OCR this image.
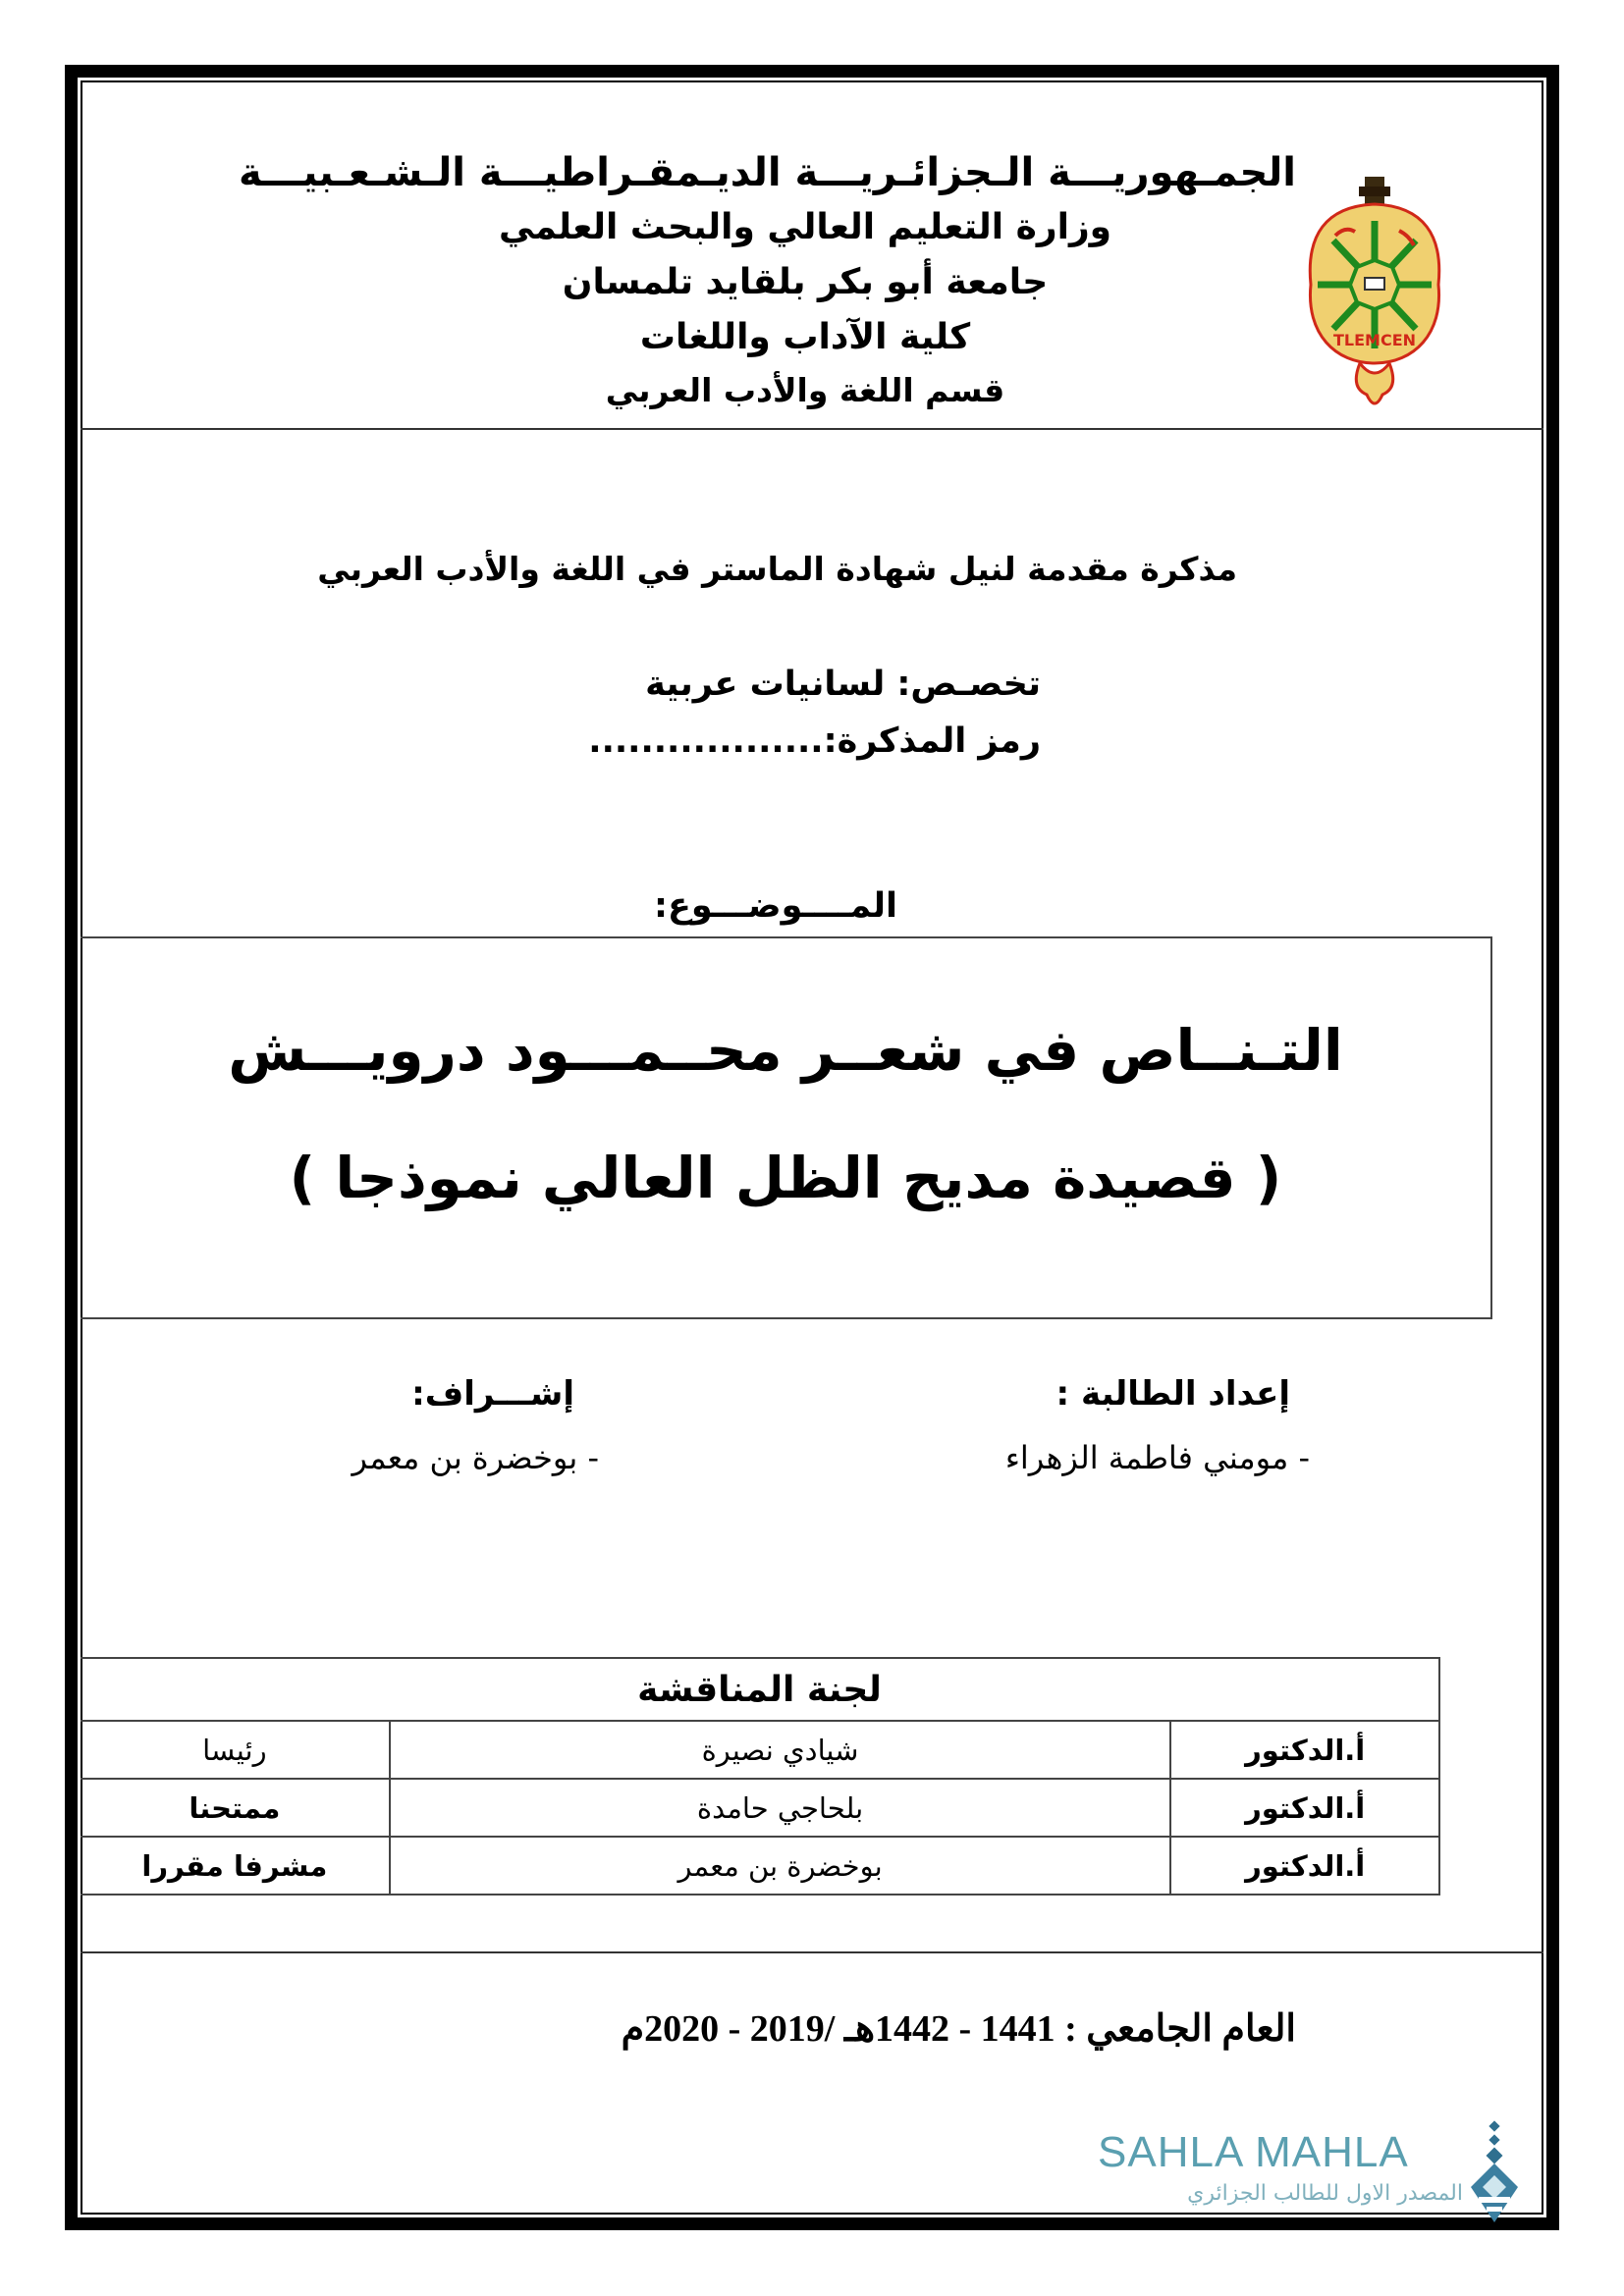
الجمـهوريـــة الـجزائـريـــة الديـمقـراطيـــة الـشـعـبيـــة
وزارة التعليم العالي والبحث العلمي
جامعة أبو بكر بلقايد تلمسان
كلية الآداب واللغات
قسم اللغة والأدب العربي
TLEMCEN
مذكرة مقدمة لنيل شهادة الماستر في اللغة والأدب العربي
تخصـص: لسانيات عربية
رمز المذكرة:..................
المــــوضـــوع:
التـنــاص في شعــر محــمـــود درويـــش
( قصيدة مديح الظل العالي نموذجا )
إعداد الطالبة :
- مومني فاطمة الزهراء
إشـــراف:
- بوخضرة بن معمر
لجنة المناقشة		
أ.الدكتور	شيادي نصيرة	رئيسا
أ.الدكتور	بلحاجي حامدة	ممتحنا
أ.الدكتور	بوخضرة بن معمر	مشرفا مقررا
العام الجامعي : 1441 - 1442هـ /2019 - 2020م
SAHLA MAHLA
المصدر الاول للطالب الجزائري
